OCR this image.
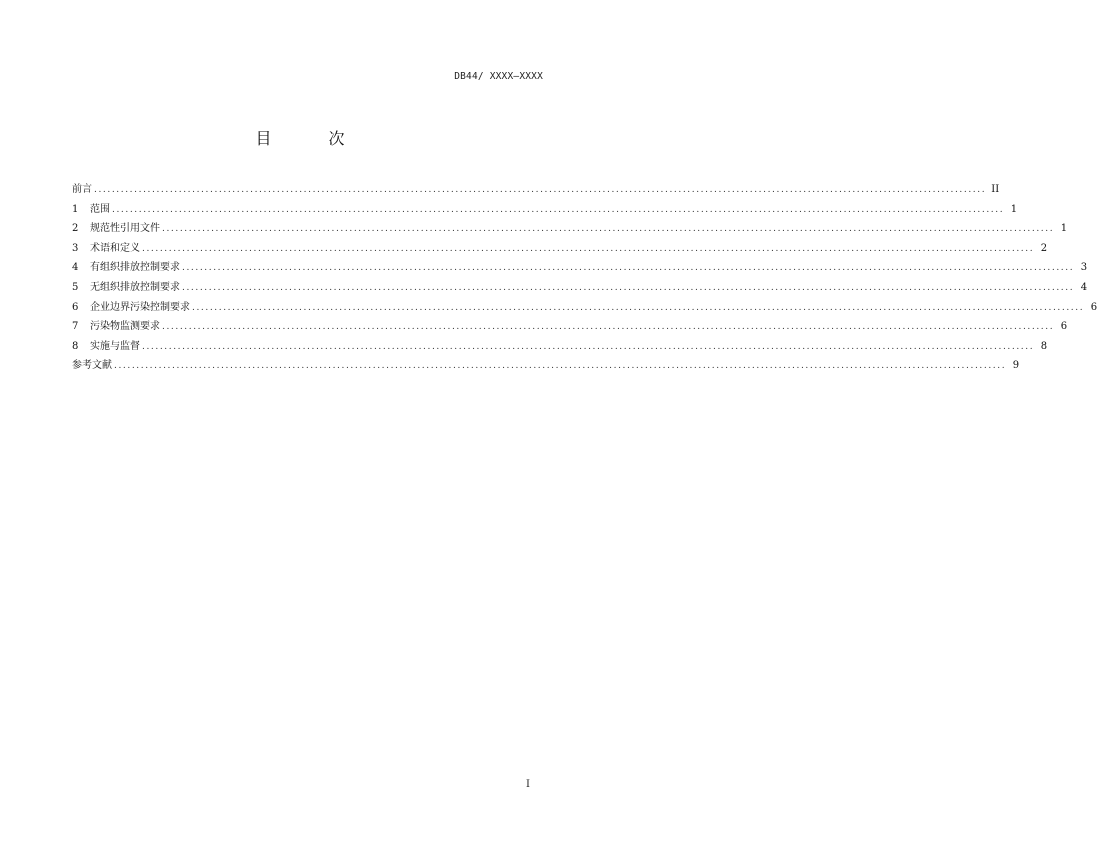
DB44/ XXXX—XXXX
目 次
前言 ........................................................................................................................................................................................................ II
1	范围 ........................................................................................................................................................................................................ 1
2	规范性引用文件 ........................................................................................................................................................................................................ 1
3	术语和定义 ........................................................................................................................................................................................................ 2
4	有组织排放控制要求 ........................................................................................................................................................................................................ 3
5	无组织排放控制要求 ........................................................................................................................................................................................................ 4
6	企业边界污染控制要求 ........................................................................................................................................................................................................ 6
7	污染物监测要求 ........................................................................................................................................................................................................ 6
8	实施与监督 ........................................................................................................................................................................................................ 8
参考文献 ........................................................................................................................................................................................................ 9
I
